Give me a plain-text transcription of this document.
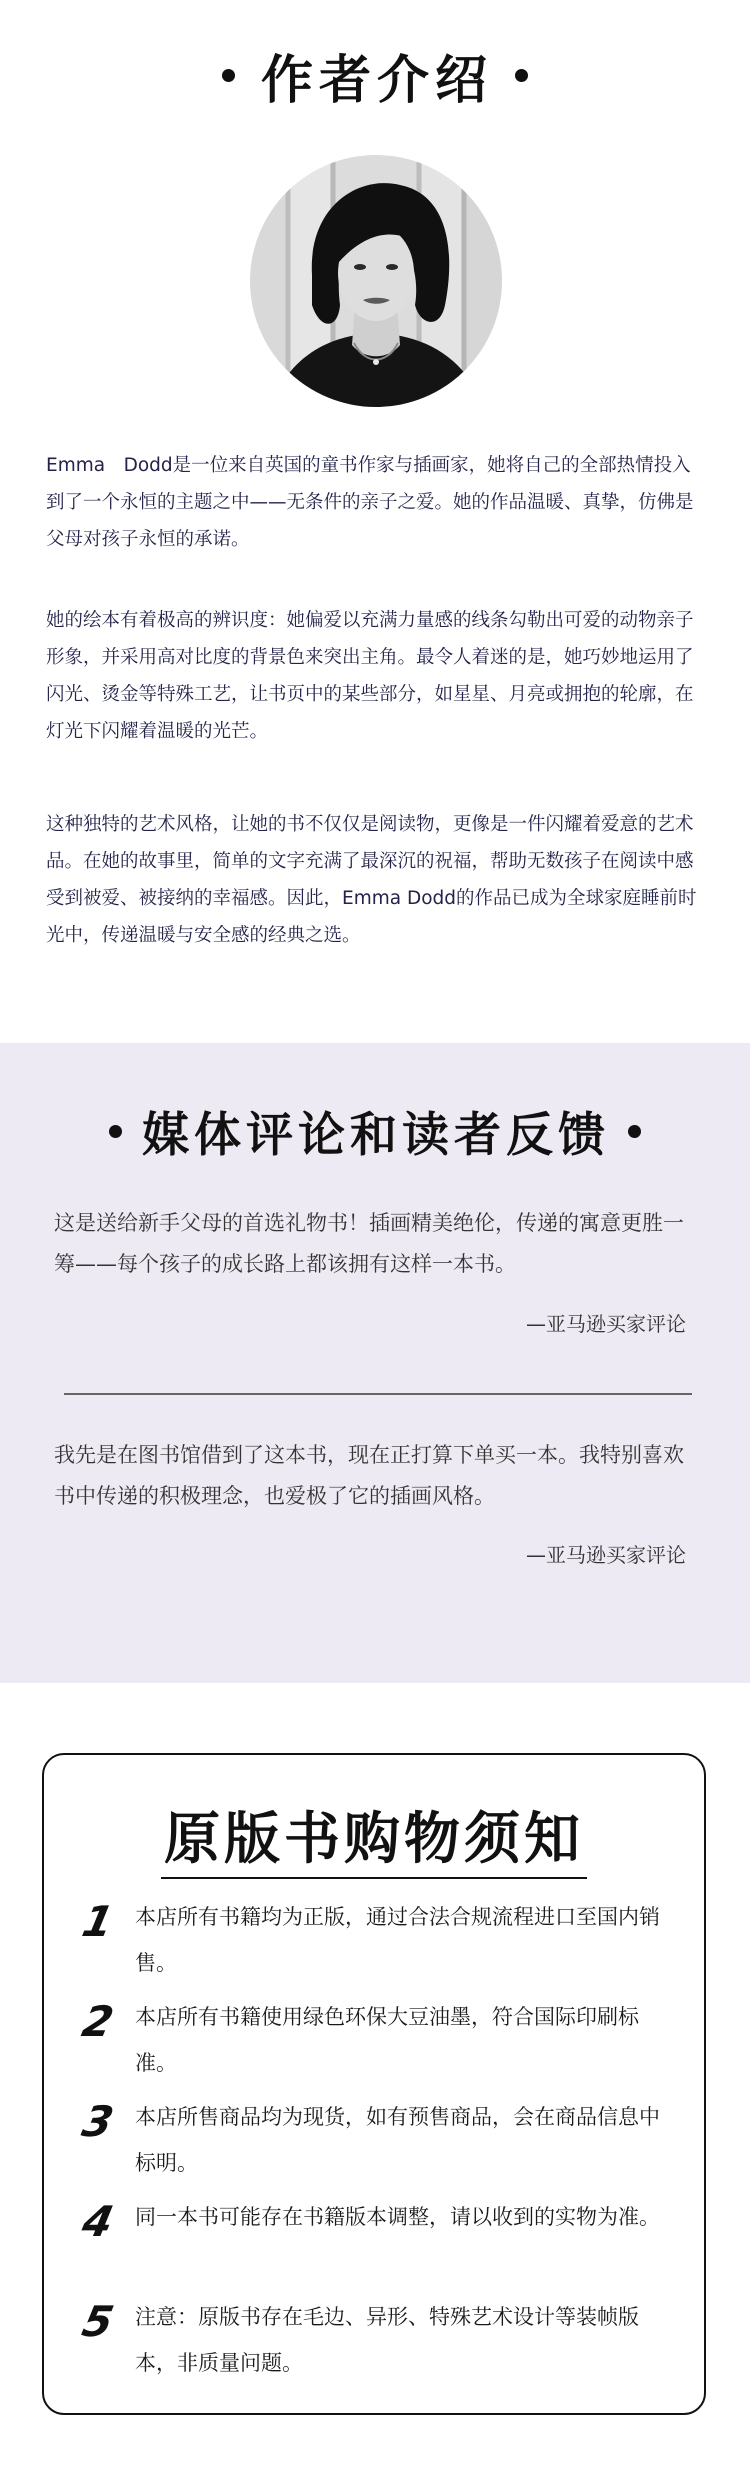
作者介绍

Emma　Dodd是一位来自英国的童书作家与插画家，她将自己的全部热情投入到了一个永恒的主题之中——无条件的亲子之爱。她的作品温暖、真挚，仿佛是父母对孩子永恒的承诺。

她的绘本有着极高的辨识度：她偏爱以充满力量感的线条勾勒出可爱的动物亲子形象，并采用高对比度的背景色来突出主角。最令人着迷的是，她巧妙地运用了闪光、烫金等特殊工艺，让书页中的某些部分，如星星、月亮或拥抱的轮廓，在灯光下闪耀着温暖的光芒。

这种独特的艺术风格，让她的书不仅仅是阅读物，更像是一件闪耀着爱意的艺术品。在她的故事里，简单的文字充满了最深沉的祝福，帮助无数孩子在阅读中感受到被爱、被接纳的幸福感。因此，Emma Dodd的作品已成为全球家庭睡前时光中，传递温暖与安全感的经典之选。

媒体评论和读者反馈

这是送给新手父母的首选礼物书！插画精美绝伦，传递的寓意更胜一筹——每个孩子的成长路上都该拥有这样一本书。

—亚马逊买家评论

我先是在图书馆借到了这本书，现在正打算下单买一本。我特别喜欢书中传递的积极理念，也爱极了它的插画风格。

—亚马逊买家评论
原版书购物须知
1 本店所有书籍均为正版，通过合法合规流程进口至国内销售。

2 本店所有书籍使用绿色环保大豆油墨，符合国际印刷标准。

3 本店所售商品均为现货，如有预售商品，会在商品信息中标明。

4 同一本书可能存在书籍版本调整，请以收到的实物为准。

5 注意：原版书存在毛边、异形、特殊艺术设计等装帧版本，非质量问题。
